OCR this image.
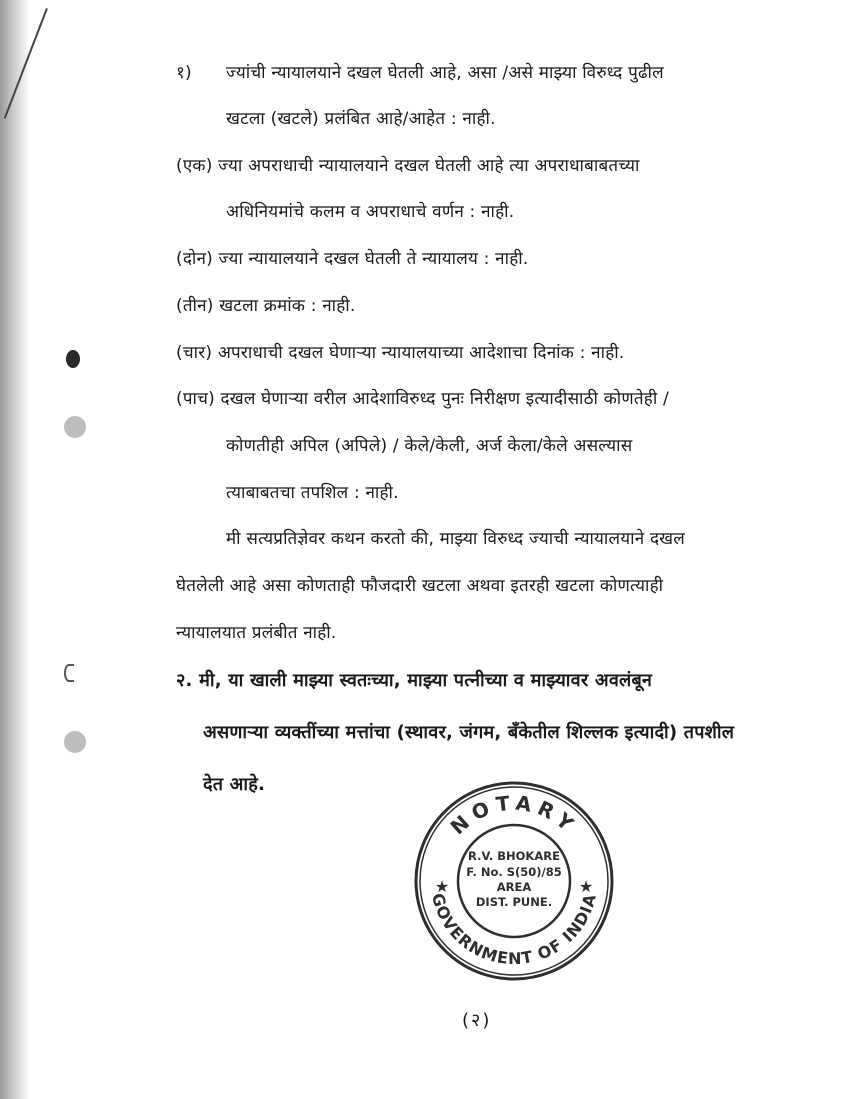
१) ज्यांची न्यायालयाने दखल घेतली आहे, असा /असे माझ्या विरुध्द पुढील
खटला (खटले) प्रलंबित आहे/आहेत : नाही.
(एक) ज्या अपराधाची न्यायालयाने दखल घेतली आहे त्या अपराधाबाबतच्या
अधिनियमांचे कलम व अपराधाचे वर्णन : नाही.
(दोन) ज्या न्यायालयाने दखल घेतली ते न्यायालय : नाही.
(तीन) खटला क्रमांक : नाही.
(चार) अपराधाची दखल घेणाऱ्या न्यायालयाच्या आदेशाचा दिनांक : नाही.
(पाच) दखल घेणाऱ्या वरील आदेशाविरुध्द पुनः निरीक्षण इत्यादीसाठी कोणतेही /
कोणतीही अपिल (अपिले) / केले/केली, अर्ज केला/केले असल्यास
त्याबाबतचा तपशिल : नाही.
मी सत्यप्रतिज्ञेवर कथन करतो की, माझ्या विरुध्द ज्याची न्यायालयाने दखल
घेतलेली आहे असा कोणताही फौजदारी खटला अथवा इतरही खटला कोणत्याही
न्यायालयात प्रलंबीत नाही.
२. मी, या खाली माझ्या स्वतःच्या, माझ्या पत्नीच्या व माझ्यावर अवलंबून
असणाऱ्या व्यक्तींच्या मत्तांचा (स्थावर, जंगम, बँकेतील शिल्लक इत्यादी) तपशील
देत आहे.
NOTARY
GOVERNMENT OF INDIA
★	★
R.V. BHOKARE
F. No. S(50)/85
AREA
DIST. PUNE.
(२)
